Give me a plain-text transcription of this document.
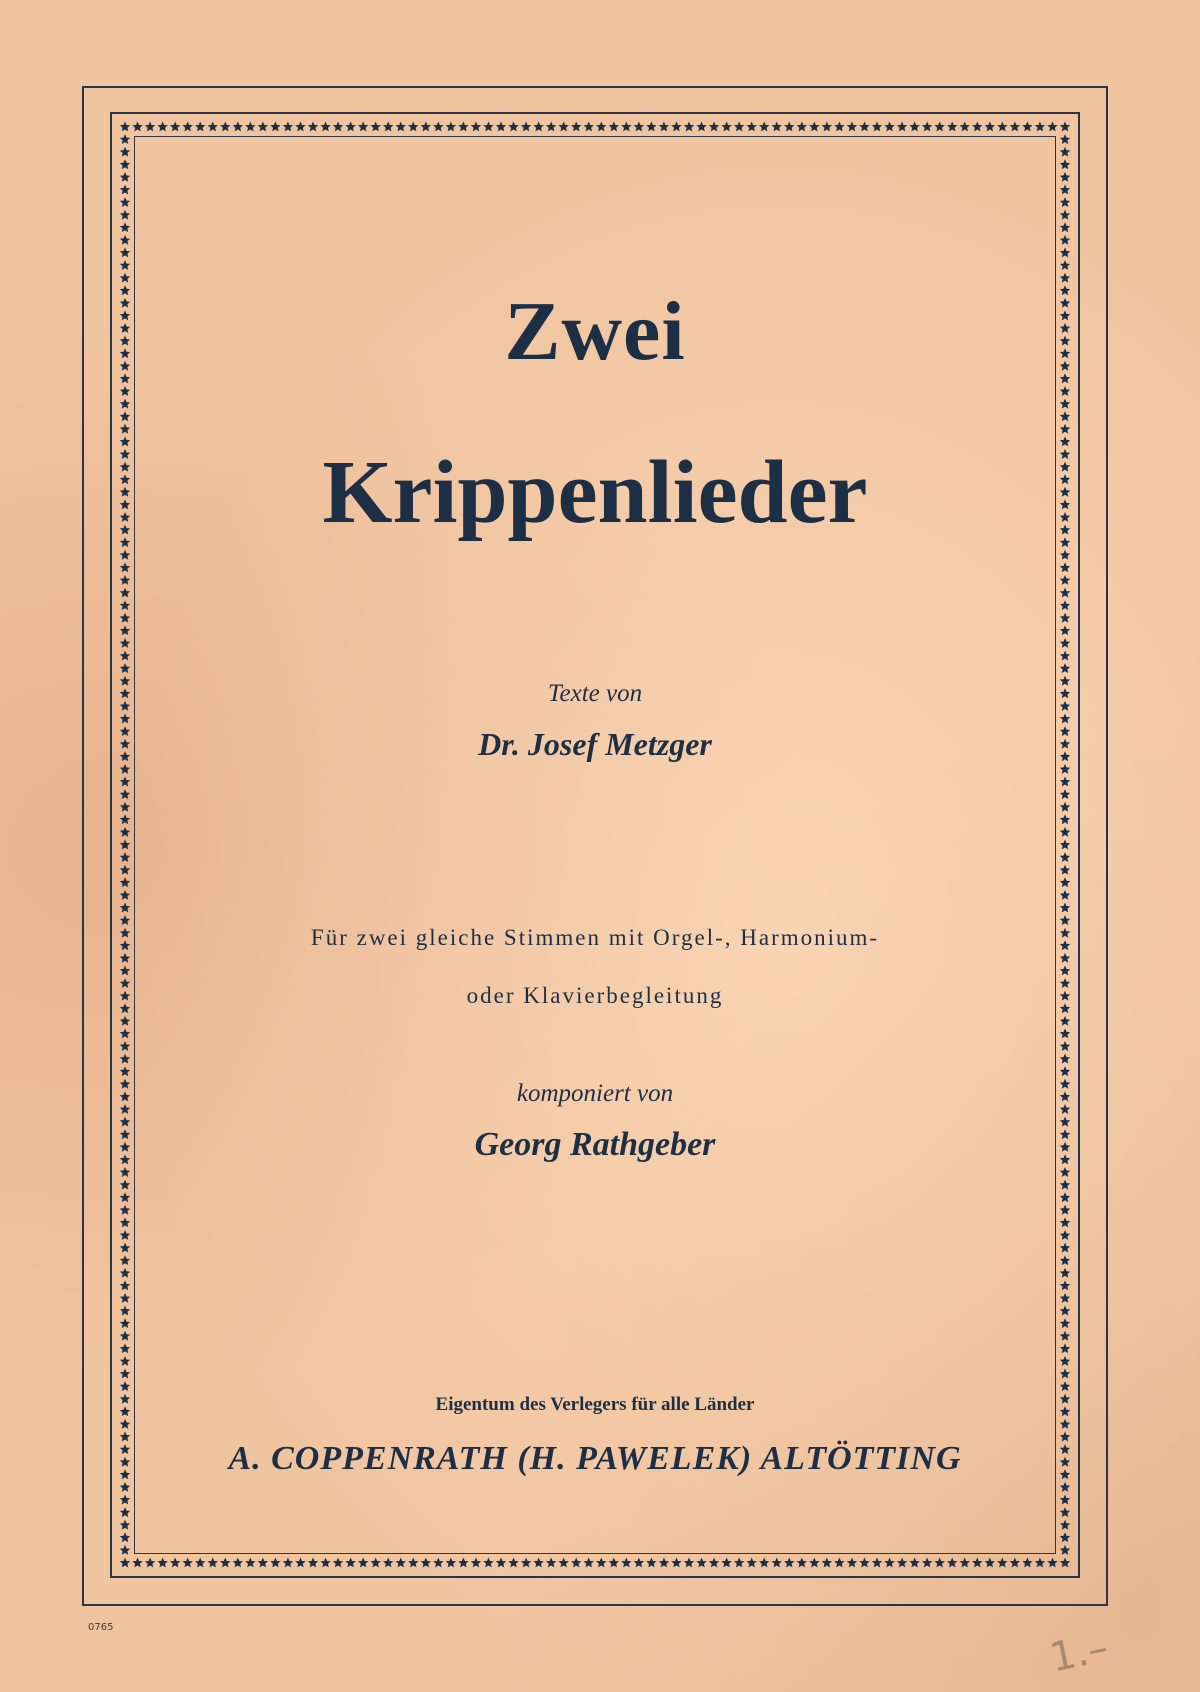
Zwei
Krippenlieder
Texte von
Dr. Josef Metzger
Für zwei gleiche Stimmen mit Orgel-, Harmonium-
oder Klavierbegleitung
komponiert von
Georg Rathgeber
Eigentum des Verlegers für alle Länder
A. COPPENRATH (H. PAWELEK) ALTÖTTING
0765	1.–
